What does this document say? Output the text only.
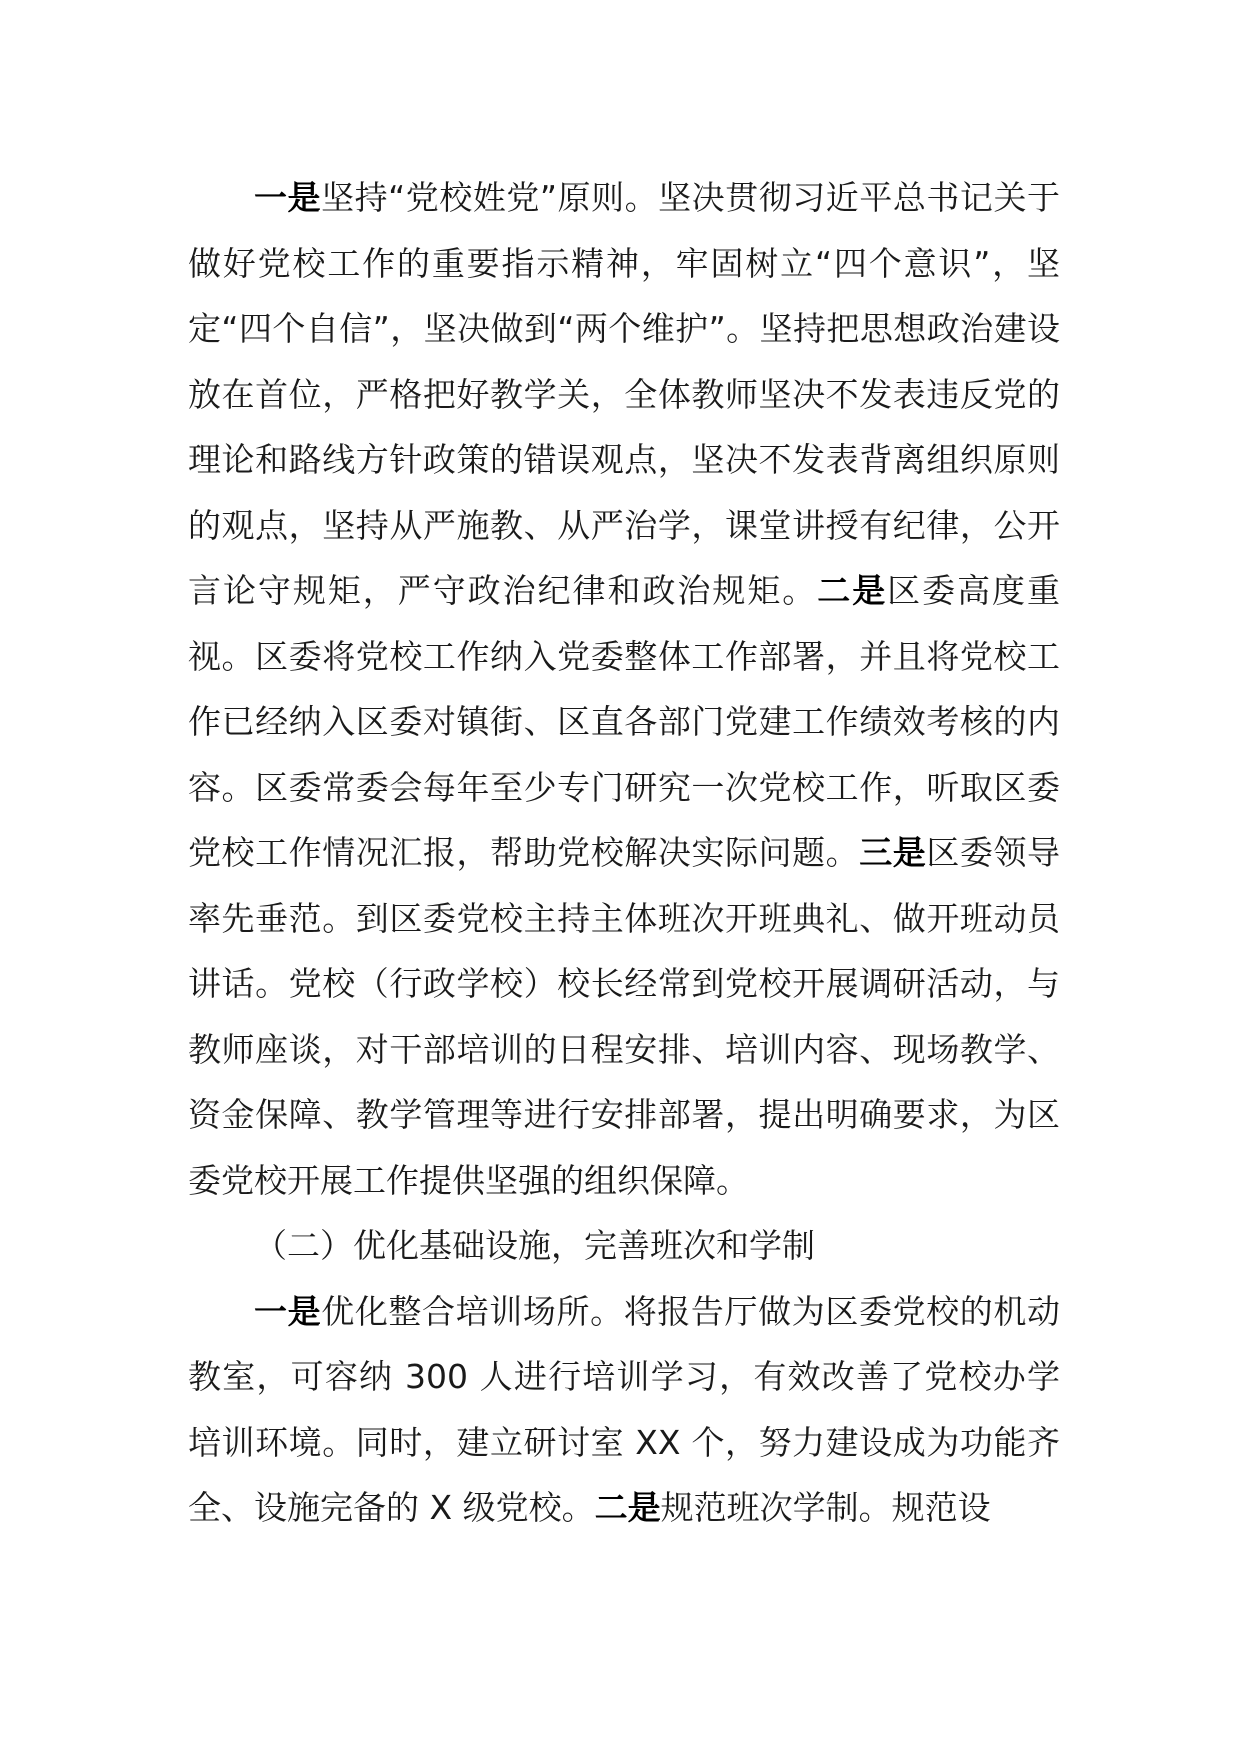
一是坚持“党校姓党”原则。坚决贯彻习近平总书记关于做好党校工作的重要指示精神，牢固树立“四个意识”，坚定“四个自信”，坚决做到“两个维护”。坚持把思想政治建设放在首位，严格把好教学关，全体教师坚决不发表违反党的理论和路线方针政策的错误观点，坚决不发表背离组织原则的观点，坚持从严施教、从严治学，课堂讲授有纪律，公开言论守规矩，严守政治纪律和政治规矩。二是区委高度重视。区委将党校工作纳入党委整体工作部署，并且将党校工作已经纳入区委对镇街、区直各部门党建工作绩效考核的内容。区委常委会每年至少专门研究一次党校工作，听取区委党校工作情况汇报，帮助党校解决实际问题。三是区委领导率先垂范。到区委党校主持主体班次开班典礼、做开班动员讲话。党校（行政学校）校长经常到党校开展调研活动，与教师座谈，对干部培训的日程安排、培训内容、现场教学、资金保障、教学管理等进行安排部署，提出明确要求，为区委党校开展工作提供坚强的组织保障。

（二）优化基础设施，完善班次和学制

一是优化整合培训场所。将报告厅做为区委党校的机动教室，可容纳 300 人进行培训学习，有效改善了党校办学培训环境。同时，建立研讨室 XX 个，努力建设成为功能齐全、设施完备的 X 级党校。二是规范班次学制。规范设
